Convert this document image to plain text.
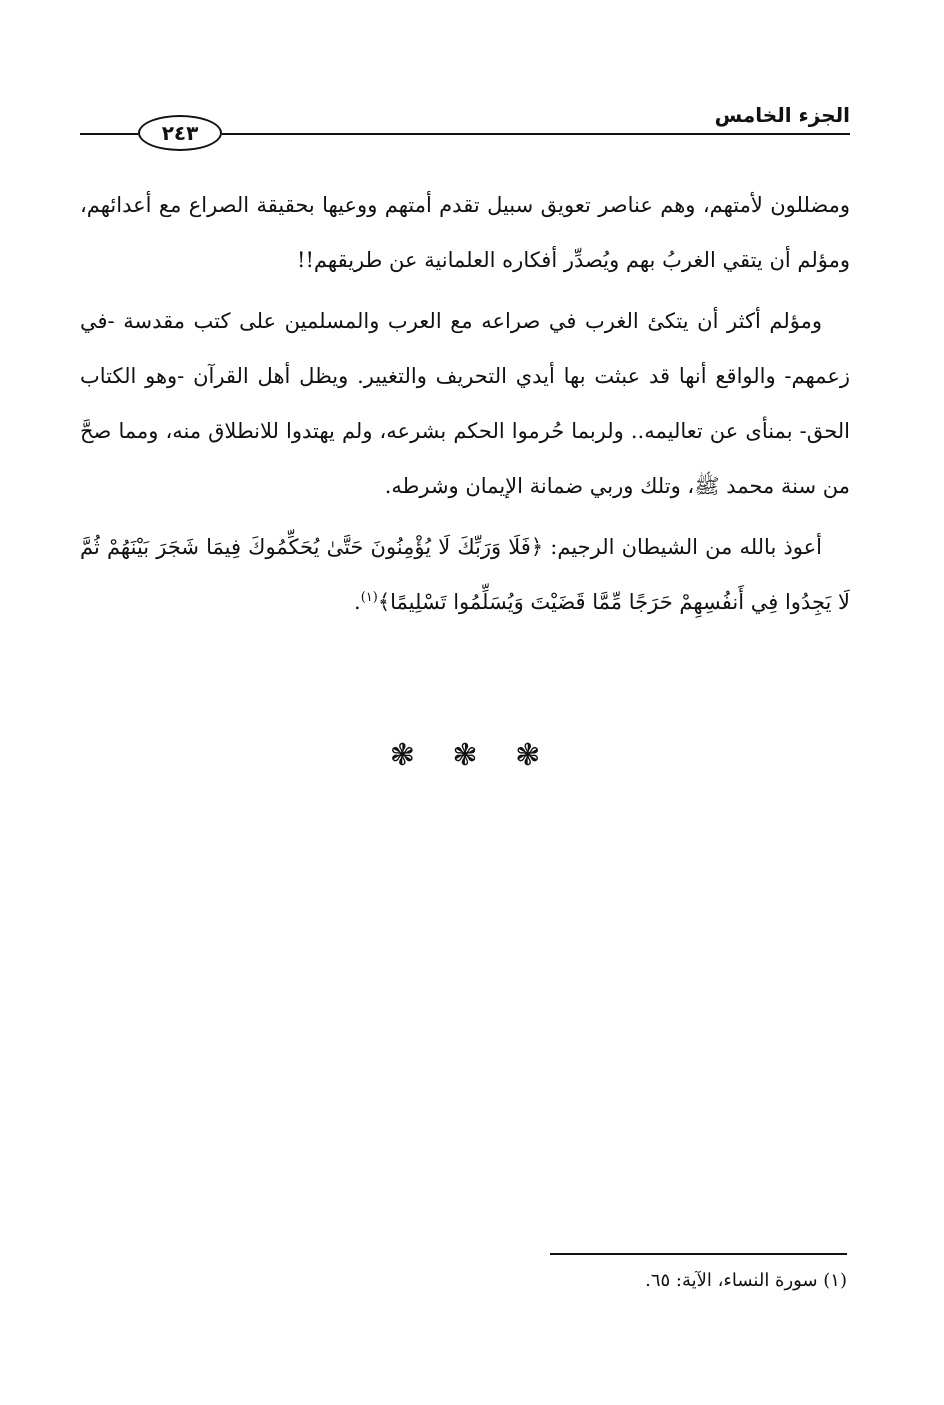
الجزء الخامس
٢٤٣

ومضللون لأمتهم، وهم عناصر تعويق سبيل تقدم أمتهم ووعيها بحقيقة الصراع مع أعدائهم، ومؤلم أن يتقي الغربُ بهم ويُصدِّر أفكاره العلمانية عن طريقهم!!

ومؤلم أكثر أن يتكئ الغرب في صراعه مع العرب والمسلمين على كتب مقدسة -في زعمهم- والواقع أنها قد عبثت بها أيدي التحريف والتغيير. ويظل أهل القرآن -وهو الكتاب الحق- بمنأى عن تعاليمه.. ولربما حُرموا الحكم بشرعه، ولم يهتدوا للانطلاق منه، ومما صحَّ من سنة محمد ﷺ، وتلك وربي ضمانة الإيمان وشرطه.

أعوذ بالله من الشيطان الرجيم: ﴿فَلَا وَرَبِّكَ لَا يُؤْمِنُونَ حَتَّىٰ يُحَكِّمُوكَ فِيمَا شَجَرَ بَيْنَهُمْ ثُمَّ لَا يَجِدُوا فِي أَنفُسِهِمْ حَرَجًا مِّمَّا قَضَيْتَ وَيُسَلِّمُوا تَسْلِيمًا﴾$^{(١)}$.

❃ ❃ ❃
(١) سورة النساء، الآية: ٦٥.
